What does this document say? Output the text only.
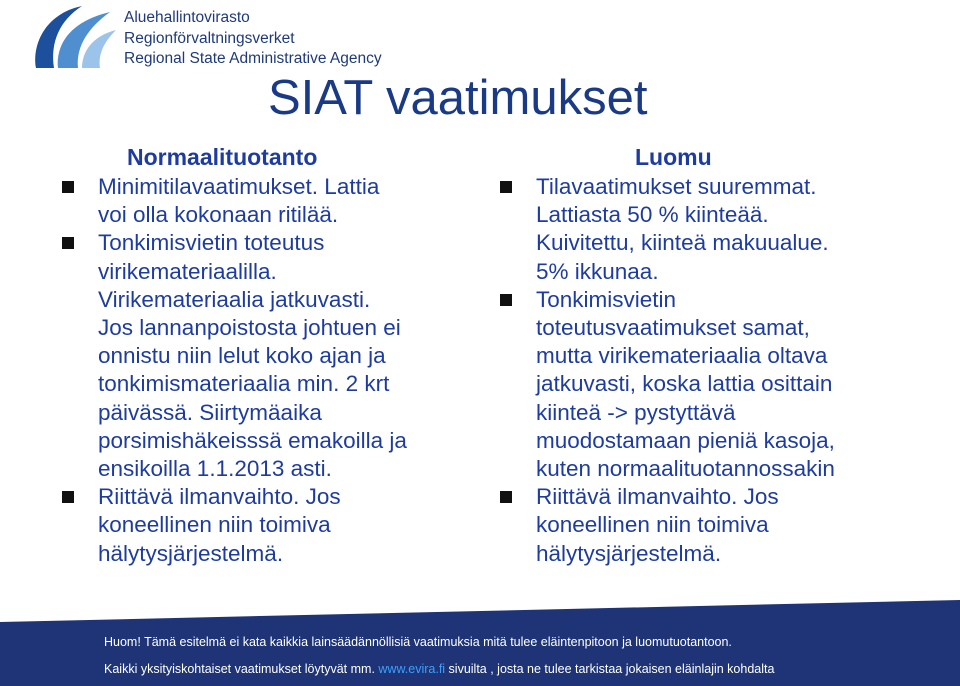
Aluehallintovirasto
Regionförvaltningsverket
Regional State Administrative Agency
SIAT vaatimukset
Normaalituotanto
Minimitilavaatimukset. Lattia
voi olla kokonaan ritilää.
Tonkimisvietin toteutus
virikemateriaalilla.
Virikemateriaalia jatkuvasti.
Jos lannanpoistosta johtuen ei
onnistu niin lelut koko ajan ja
tonkimismateriaalia min. 2 krt
päivässä. Siirtymäaika
porsimishäkeisssä emakoilla ja
ensikoilla 1.1.2013 asti.
Riittävä ilmanvaihto. Jos
koneellinen niin toimiva
hälytysjärjestelmä.
Luomu
Tilavaatimukset suuremmat.
Lattiasta 50 % kiinteää.
Kuivitettu, kiinteä makuualue.
5% ikkunaa.
Tonkimisvietin
toteutusvaatimukset samat,
mutta virikemateriaalia oltava
jatkuvasti, koska lattia osittain
kiinteä -> pystyttävä
muodostamaan pieniä kasoja,
kuten normaalituotannossakin
Riittävä ilmanvaihto. Jos
koneellinen niin toimiva
hälytysjärjestelmä.
Huom! Tämä esitelmä ei kata kaikkia lainsäädännöllisiä vaatimuksia mitä tulee eläintenpitoon ja luomutuotantoon.
Kaikki yksityiskohtaiset vaatimukset löytyvät mm. www.evira.fi sivuilta , josta ne tulee tarkistaa jokaisen eläinlajin kohdalta
